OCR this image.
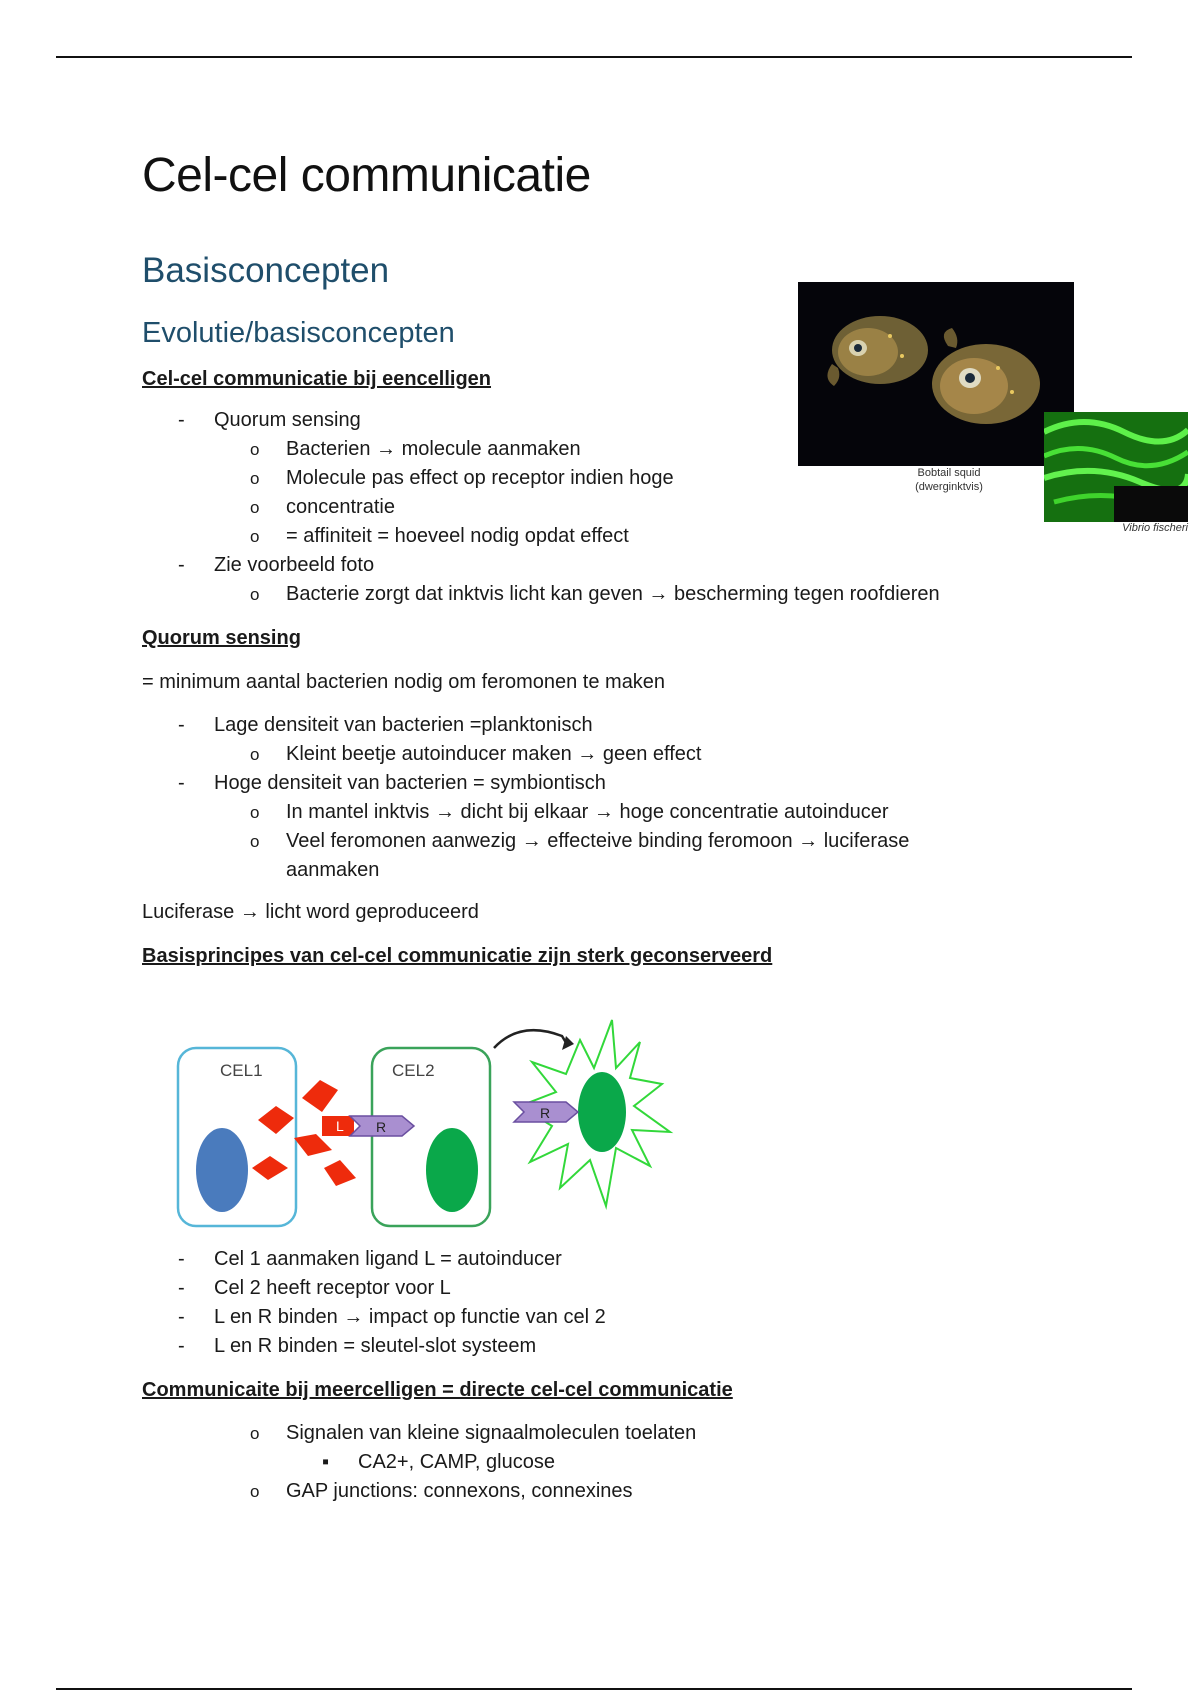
Cel-cel communicatie
Basisconcepten
Evolutie/basisconcepten

Cel-cel communicatie bij eencelligen

- Quorum sensing
o Bacterien → molecule aanmaken
o Molecule pas effect op receptor indien hoge
o concentratie
o = affiniteit = hoeveel nodig opdat effect
- Zie voorbeeld foto
o Bacterie zorgt dat inktvis licht kan geven → bescherming tegen roofdieren

Quorum sensing

= minimum aantal bacterien nodig om feromonen te maken

- Lage densiteit van bacterien =planktonisch
o Kleint beetje autoinducer maken → geen effect
- Hoge densiteit van bacterien = symbiontisch
o In mantel inktvis → dicht bij elkaar → hoge concentratie autoinducer
o Veel feromonen aanwezig → effecteive binding feromoon → luciferase
aanmaken

Luciferase → licht word geproduceerd

Basisprincipes van cel-cel communicatie zijn sterk geconserveerd

- Cel 1 aanmaken ligand L = autoinducer
- Cel 2 heeft receptor voor L
- L en R binden → impact op functie van cel 2
- L en R binden = sleutel-slot systeem

Communicaite bij meercelligen = directe cel-cel communicatie

o Signalen van kleine signaalmoleculen toelaten
▪ CA2+, CAMP, glucose
o GAP junctions: connexons, connexines
Bobtail squid
(dwerginktvis)
Vibrio fischeri
CEL1
L
CEL2
R
R
